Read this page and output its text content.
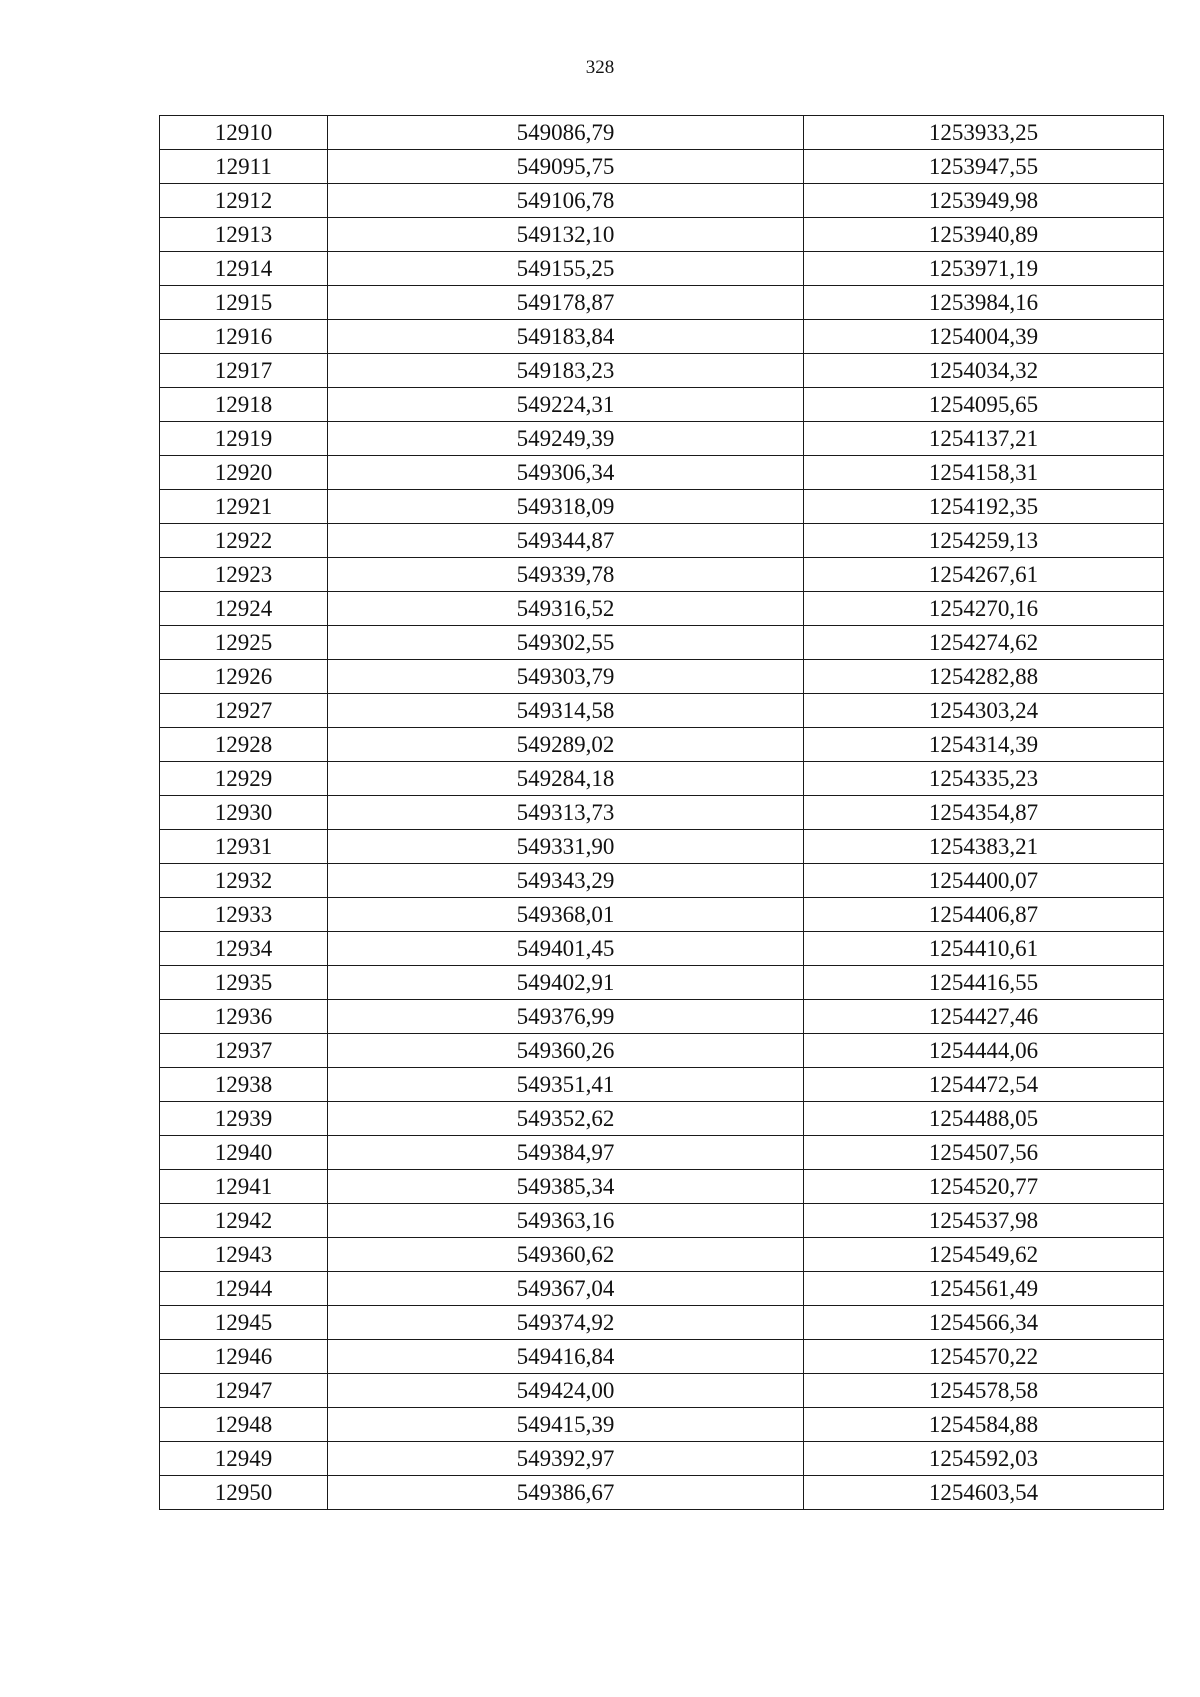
328
12910	549086,79	1253933,25
12911	549095,75	1253947,55
12912	549106,78	1253949,98
12913	549132,10	1253940,89
12914	549155,25	1253971,19
12915	549178,87	1253984,16
12916	549183,84	1254004,39
12917	549183,23	1254034,32
12918	549224,31	1254095,65
12919	549249,39	1254137,21
12920	549306,34	1254158,31
12921	549318,09	1254192,35
12922	549344,87	1254259,13
12923	549339,78	1254267,61
12924	549316,52	1254270,16
12925	549302,55	1254274,62
12926	549303,79	1254282,88
12927	549314,58	1254303,24
12928	549289,02	1254314,39
12929	549284,18	1254335,23
12930	549313,73	1254354,87
12931	549331,90	1254383,21
12932	549343,29	1254400,07
12933	549368,01	1254406,87
12934	549401,45	1254410,61
12935	549402,91	1254416,55
12936	549376,99	1254427,46
12937	549360,26	1254444,06
12938	549351,41	1254472,54
12939	549352,62	1254488,05
12940	549384,97	1254507,56
12941	549385,34	1254520,77
12942	549363,16	1254537,98
12943	549360,62	1254549,62
12944	549367,04	1254561,49
12945	549374,92	1254566,34
12946	549416,84	1254570,22
12947	549424,00	1254578,58
12948	549415,39	1254584,88
12949	549392,97	1254592,03
12950	549386,67	1254603,54
